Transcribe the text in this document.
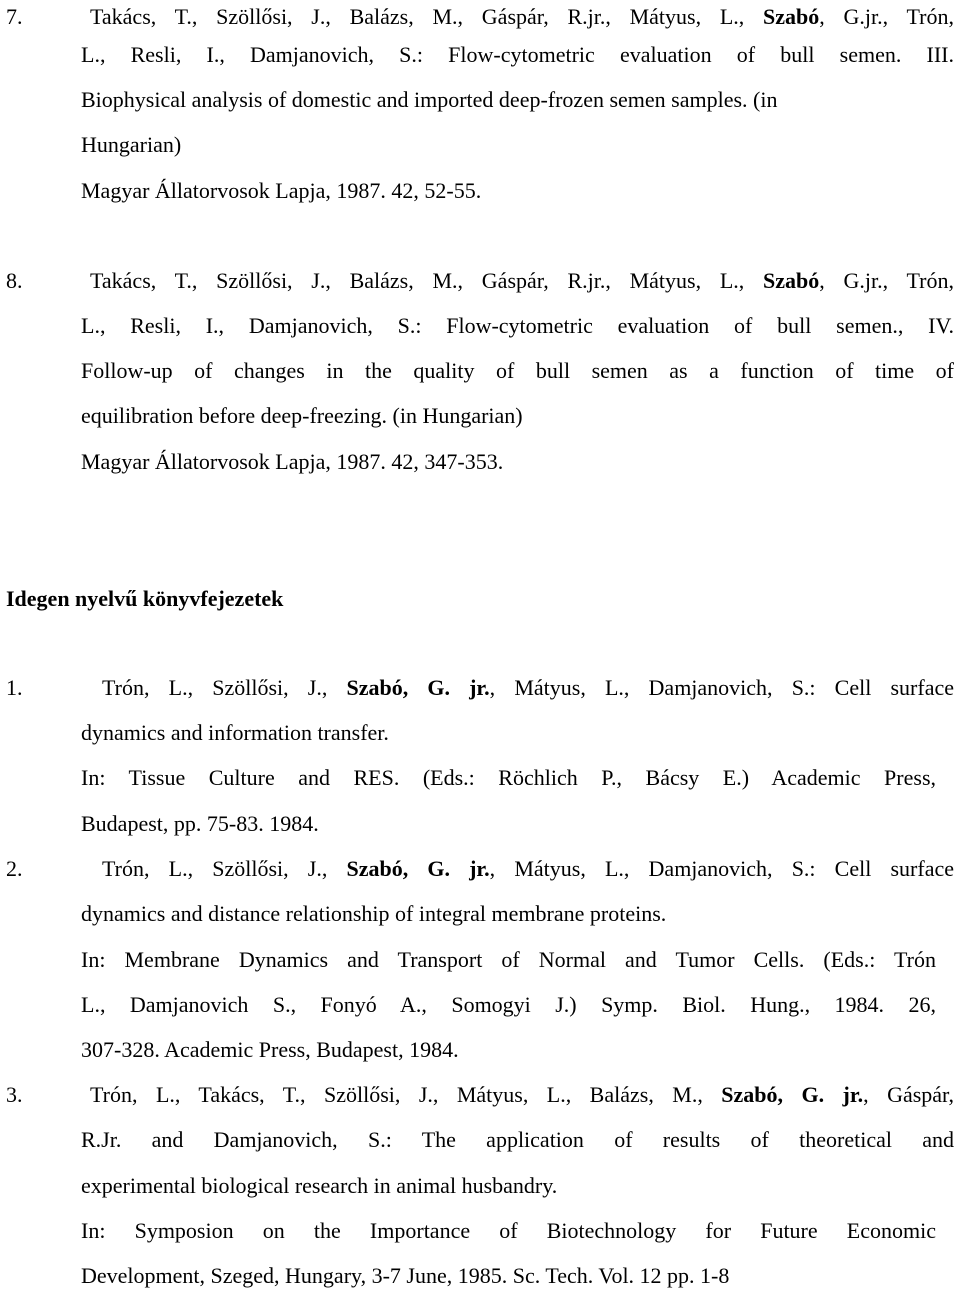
7.	Takács, T., Szöllősi, J., Balázs, M., Gáspár, R.jr., Mátyus, L., Szabó, G.jr., Trón,
L., Resli, I., Damjanovich, S.: Flow-cytometric evaluation of bull semen. III.
Biophysical analysis of domestic and imported deep-frozen semen samples. (in
Hungarian)
Magyar Állatorvosok Lapja, 1987. 42, 52-55.
8.	Takács, T., Szöllősi, J., Balázs, M., Gáspár, R.jr., Mátyus, L., Szabó, G.jr., Trón,
L., Resli, I., Damjanovich, S.: Flow-cytometric evaluation of bull semen., IV.
Follow-up of changes in the quality of bull semen as a function of time of
equilibration before deep-freezing. (in Hungarian)
Magyar Állatorvosok Lapja, 1987. 42, 347-353.
Idegen nyelvű könyvfejezetek
1.	Trón, L., Szöllősi, J., Szabó, G. jr., Mátyus, L., Damjanovich, S.: Cell surface
dynamics and information transfer.
In: Tissue Culture and RES. (Eds.: Röchlich P., Bácsy E.) Academic Press,
Budapest, pp. 75-83. 1984.
2.	Trón, L., Szöllősi, J., Szabó, G. jr., Mátyus, L., Damjanovich, S.: Cell surface
dynamics and distance relationship of integral membrane proteins.
In: Membrane Dynamics and Transport of Normal and Tumor Cells. (Eds.: Trón
L., Damjanovich S., Fonyó A., Somogyi J.) Symp. Biol. Hung., 1984. 26,
307-328. Academic Press, Budapest, 1984.
3.	Trón, L., Takács, T., Szöllősi, J., Mátyus, L., Balázs, M., Szabó, G. jr., Gáspár,
R.Jr. and Damjanovich, S.: The application of results of theoretical and
experimental biological research in animal husbandry.
In: Symposion on the Importance of Biotechnology for Future Economic
Development, Szeged, Hungary, 3-7 June, 1985. Sc. Tech. Vol. 12 pp. 1-8
